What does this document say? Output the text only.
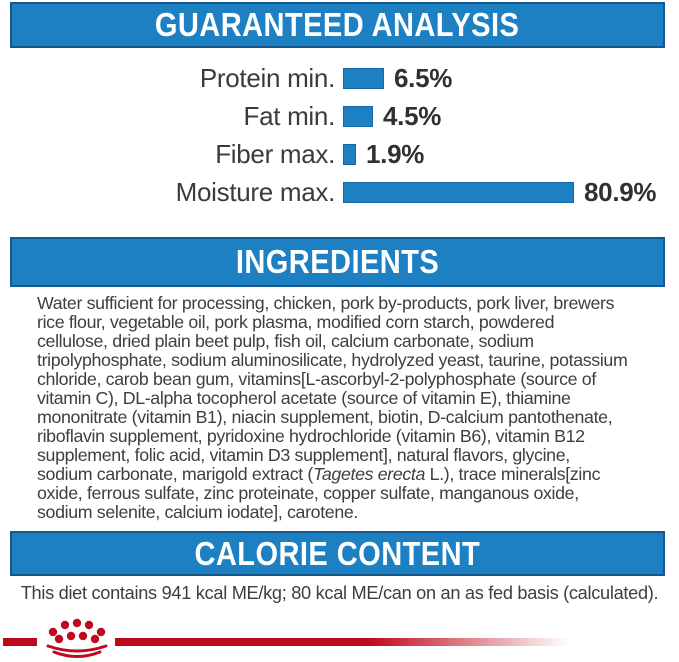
GUARANTEED ANALYSIS
Protein min. 6.5%
Fat min. 4.5%
Fiber max. 1.9%
Moisture max.	80.9%
INGREDIENTS
Water sufficient for processing, chicken, pork by-products, pork liver, brewers
rice flour, vegetable oil, pork plasma, modified corn starch, powdered
cellulose, dried plain beet pulp, fish oil, calcium carbonate, sodium
tripolyphosphate, sodium aluminosilicate, hydrolyzed yeast, taurine, potassium
chloride, carob bean gum, vitamins[L-ascorbyl-2-polyphosphate (source of
vitamin C), DL-alpha tocopherol acetate (source of vitamin E), thiamine
mononitrate (vitamin B1), niacin supplement, biotin, D-calcium pantothenate,
riboflavin supplement, pyridoxine hydrochloride (vitamin B6), vitamin B12
supplement, folic acid, vitamin D3 supplement], natural flavors, glycine,
sodium carbonate, marigold extract (Tagetes erecta L.), trace minerals[zinc
oxide, ferrous sulfate, zinc proteinate, copper sulfate, manganous oxide,
sodium selenite, calcium iodate], carotene.
CALORIE CONTENT
This diet contains 941 kcal ME/kg; 80 kcal ME/can on an as fed basis (calculated).
